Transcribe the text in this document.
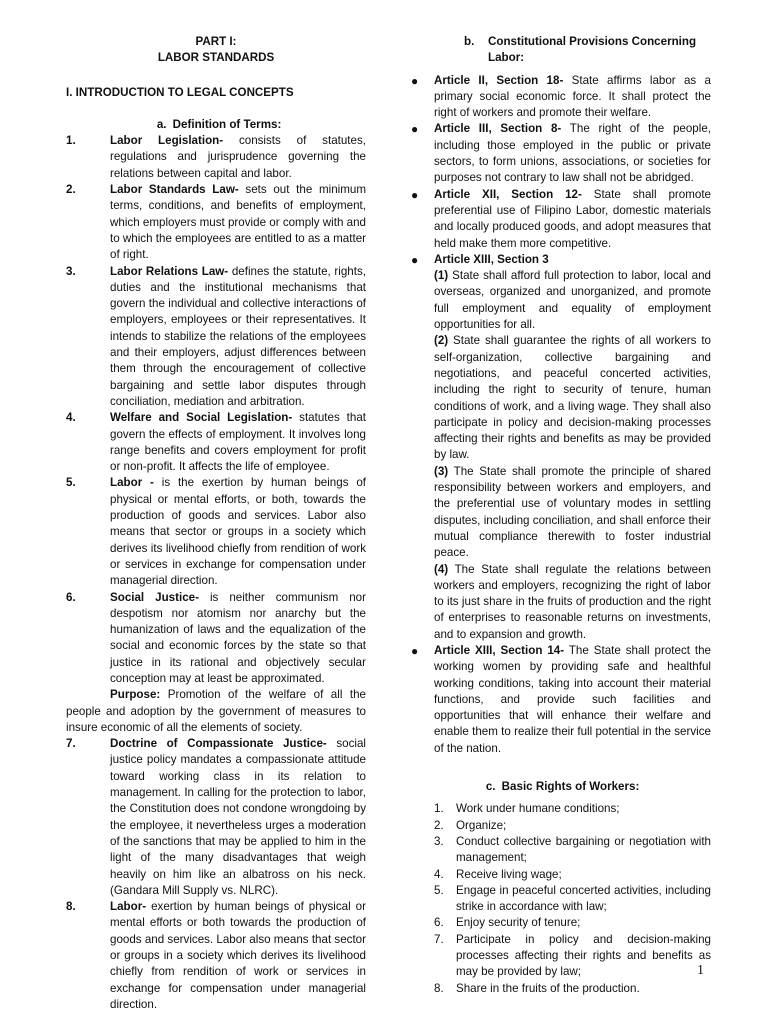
PART I:
LABOR STANDARDS
I. INTRODUCTION TO LEGAL CONCEPTS
a. Definition of Terms:
1.	Labor Legislation- consists of statutes, regulations and jurisprudence governing the relations between capital and labor.
2.	Labor Standards Law- sets out the minimum terms, conditions, and benefits of employment, which employers must provide or comply with and to which the employees are entitled to as a matter of right.
3.	Labor Relations Law- defines the statute, rights, duties and the institutional mechanisms that govern the individual and collective interactions of employers, employees or their representatives. It intends to stabilize the relations of the employees and their employers, adjust differences between them through the encouragement of collective bargaining and settle labor disputes through conciliation, mediation and arbitration.
4.	Welfare and Social Legislation- statutes that govern the effects of employment. It involves long range benefits and covers employment for profit or non-profit. It affects the life of employee.
5.	Labor - is the exertion by human beings of physical or mental efforts, or both, towards the production of goods and services. Labor also means that sector or groups in a society which derives its livelihood chiefly from rendition of work or services in exchange for compensation under managerial direction.
6.	Social Justice- is neither communism nor despotism nor atomism nor anarchy but the humanization of laws and the equalization of the social and economic forces by the state so that justice in its rational and objectively secular conception may at least be approximated.
Purpose: Promotion of the welfare of all the people and adoption by the government of measures to insure economic of all the elements of society.
7.	Doctrine of Compassionate Justice- social justice policy mandates a compassionate attitude toward working class in its relation to management. In calling for the protection to labor, the Constitution does not condone wrongdoing by the employee, it nevertheless urges a moderation of the sanctions that may be applied to him in the light of the many disadvantages that weigh heavily on him like an albatross on his neck. (Gandara Mill Supply vs. NLRC).
8.	Labor- exertion by human beings of physical or mental efforts or both towards the production of goods and services. Labor also means that sector or groups in a society which derives its livelihood chiefly from rendition of work or services in exchange for compensation under managerial direction.
b. Constitutional Provisions Concerning
Labor:
● Article II, Section 18- State affirms labor as a primary social economic force. It shall protect the right of workers and promote their welfare.
● Article III, Section 8- The right of the people, including those employed in the public or private sectors, to form unions, associations, or societies for purposes not contrary to law shall not be abridged.
● Article XII, Section 12- State shall promote preferential use of Filipino Labor, domestic materials and locally produced goods, and adopt measures that held make them more competitive.
● Article XIII, Section 3

(1) State shall afford full protection to labor, local and overseas, organized and unorganized, and promote full employment and equality of employment opportunities for all.

(2) State shall guarantee the rights of all workers to self-organization, collective bargaining and negotiations, and peaceful concerted activities, including the right to security of tenure, human conditions of work, and a living wage. They shall also participate in policy and decision-making processes affecting their rights and benefits as may be provided by law.

(3) The State shall promote the principle of shared responsibility between workers and employers, and the preferential use of voluntary modes in settling disputes, including conciliation, and shall enforce their mutual compliance therewith to foster industrial peace.

(4) The State shall regulate the relations between workers and employers, recognizing the right of labor to its just share in the fruits of production and the right of enterprises to reasonable returns on investments, and to expansion and growth.

● Article XIII, Section 14- The State shall protect the working women by providing safe and healthful working conditions, taking into account their material functions, and provide such facilities and opportunities that will enhance their welfare and enable them to realize their full potential in the service of the nation.
c. Basic Rights of Workers:
1. Work under humane conditions;
2. Organize;
3. Conduct collective bargaining or negotiation with management;
4. Receive living wage;
5. Engage in peaceful concerted activities, including strike in accordance with law;
6. Enjoy security of tenure;
7. Participate in policy and decision-making processes affecting their rights and benefits as may be provided by law;
8. Share in the fruits of the production.
1
